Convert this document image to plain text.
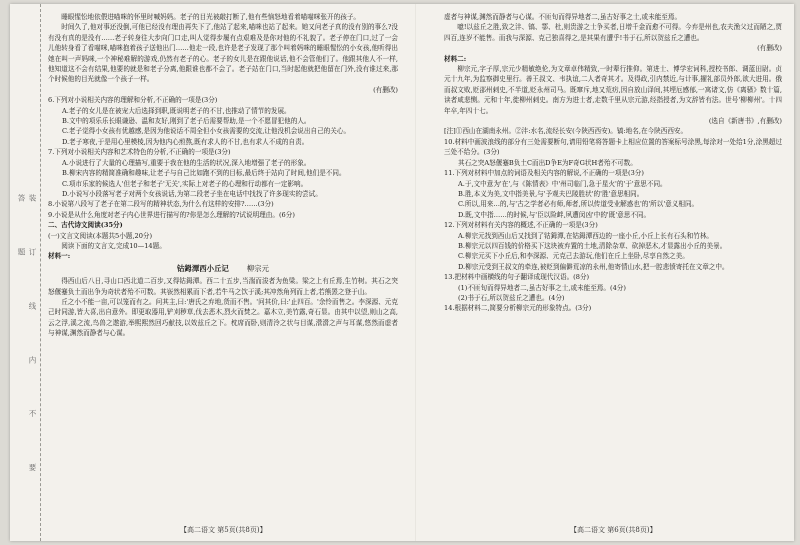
装 订 线 内 不 要 答 题

睡眼惺忪地依偎进喵咪的怀里时喊妈妈。老子的目光被敲打断了,他有些恼怒地看着喵喵咪张开的孩子。

时间久了,他对事还没倒,可他已经没有理由再失下了,他站了起来,喵咪也站了起来。她又问老子真的没有别的事么?没有没有真的是没有……老子转身往大步向门口走,叫人觉得步履有点艰难及是你对他的不礼貌了。老子停在门口,过了一会儿他转身看了看喵咪,喵咪抱着孩子送他出门……他走一段,也许是老子发现了那个叫着妈咪的睡眼惺忪的小女孩,他听得出她在叫一声妈咪,一个神秘难解的游戏,仍然有老子的心。老子的女儿是在跟他说话,他不会管他们了。他跟其他人不一样,他知道这不会有结果,他要的就是和老子分离,他跟谁也都不会了。老子站在门口,当时起他就把他留在门外,没有谁过来,那个时候他的目光就像一个孩子一样。

(有删改)

6.下列对小说相关内容的理解和分析,不正确的一项是(3分)

A.老子的女儿是在被宠大后选择到职,既说明老子的不甘,也推动了情节的发展。

B.文中的项乐乐长眼谦逊、温和友好,刚到了老子后需要帮助,是一个不愿冒犯他的人。

C.老子觉得小女孩有优越感,是因为他说话不周全但小女孩需要的交流,让他没机会说出自己的关心。

D.老子寒夜,于是用心里模棱,因为他内心煎熬,既有求人的不甘,也有求人不成的自责。

7.下列对小说相关内容和艺术特色的分析,不正确的一项是(3分)

A.小说进行了大量的心理描写,重要于我在他的生活的状况,深入地增强了老子的形象。

B.柳宋内容的精简准确和趣味,让老子与自己比如跑不到的目标,最后终于站向了时间,他们是不同。

C.项市乐家的候选人'但老子和老子'无关',实际上对老子的心理和行动都有一定影响。

D.小说写小段落写老子对两个女孩说话,为第二段老子坐在电话中找找了许多现实的尝试。

8.小说第八段写了老子在第二段写的精神状态,为什么有这样的安排?……(3分)

9.小说是从什么角度对老子内心世界进行描写的?你是怎么理解的?试说明理由。(6分)

二、古代诗文阅读(35分)

(一)文言文阅读(本题共5小题,20分)

阅读下面的文言文,完成10—14题。

材料一:

钴鉧潭西小丘记 柳宗元

得西山后八日,寻山口西北道二百步,又得钴鉧潭。西二十五步,当湍而浚者为鱼梁。梁之上有丘焉,生竹树。其石之突怒偃蹇负土而出争为奇状者殆不可数。其嵚然相累而下者,若牛马之饮于溪;其冲然角列而上者,若熊罴之登于山。

丘之小不能一亩,可以笼而有之。问其主,曰:'唐氏之弃地,货而不售。'问其价,曰:'止四百。'余怜而售之。李深源、元克己时同游,皆大喜,出自意外。即更取器用,铲刈秽草,伐去恶木,烈火而焚之。嘉木立,美竹露,奇石显。由其中以望,则山之高,云之浮,溪之流,鸟兽之遨游,举熙熙然回巧献技,以效兹丘之下。枕席而卧,则清泠之状与目谋,瀯瀯之声与耳谋,悠然而虚者与神谋,渊然而静者与心谋。

虚者与神谋,渊然而静者与心谋。不匝旬而得异地者二,虽古好事之士,或未能至焉。

噫!以兹丘之胜,致之沣、镐、鄠、杜,则贵游之士争买者,日增千金而愈不可得。今弃是州也,农夫渔父过而陋之,贾四百,连岁不能售。而我与深源、克己独喜得之,是其果有遭乎!书于石,所以贺兹丘之遭也。

(有删改)

材料二:

柳宗元,字子厚,宗元少精敏绝伦,为文章卓伟精致,一时辈行推仰。第进士、博学宏词科,授校书郎、调蓝田尉。贞元十九年,为监察御史里行。善王叔文、韦执谊,二人者奇其才。及得政,引内禁近,与计事,擢礼部员外郎,欲大进用。俄而叔文败,贬邵州刺史,不半道,贬永州司马。既窜斥,地又荒疠,因自放山泽间,其堙厄感郁,一寓诸文,仿《离骚》数十篇,读者咸悲恻。元和十年,徙柳州刺史。南方为进士者,走数千里从宗元游,经指授者,为文辞皆有法。世号'柳柳州'。十四年卒,年四十七。

(选自《新唐书》,有删改)

[注]①西山在湖南永州。②沣:水名,流经长安(今陕西西安)。镐:地名,在今陕西西安。

10.材料中画波浪线的部分有三处需要断句,请用铅笔将答题卡上相应位置的答案标号涂黑,每涂对一处给1分,涂黑超过三处不给分。(3分)

其石之突A怒偃蹇B负土C而出D争E为F奇G状H者殆不可数。

11.下列对材料中加点的词语及相关内容的解说,不正确的一项是(3分)

A.于,文中意为'在',与《陈情表》中'州司临门,急于星火'的'于'意思不同。

B.胜,本义为美,文中指美景,与'予观夫巴陵胜状'的'胜'意思相同。

C.所以,用来…的,与'古之学者必有师,师者,所以传道受业解惑也'的'所以'意义相同。

D.既,文中指……的时候,与'臣以险衅,夙遭闵凶'中的'既'意思不同。

12.下列对材料有关内容的概述,不正确的一项是(3分)

A.柳宗元找到西山后又找到了钴鉧潭,在钴鉧潭西边的一座小丘,小丘上长有石头和竹林。

B.柳宗元以四百钱的价格买下这块被弃置的土地,清除杂草、砍掉恶木,才显露出小丘的美景。

C.柳宗元买下小丘后,和李深源、元克己去游玩,他们在丘上坐卧,尽享自然之美。

D.柳宗元受到王叔文的牵连,被贬到偏僻荒凉的永州,他寄情山水,把一腔悲愤寄托在文章之中。

13.把材料中画横线的句子翻译成现代汉语。(8分)

(1)不匝旬而得异地者二,虽古好事之士,或未能至焉。(4分)

(2)书于石,所以贺兹丘之遭也。(4分)

14.根据材料二,简要分析柳宗元的形象特点。(3分)

【高二语文 第5页(共8页)】	【高二语文 第6页(共8页)】
